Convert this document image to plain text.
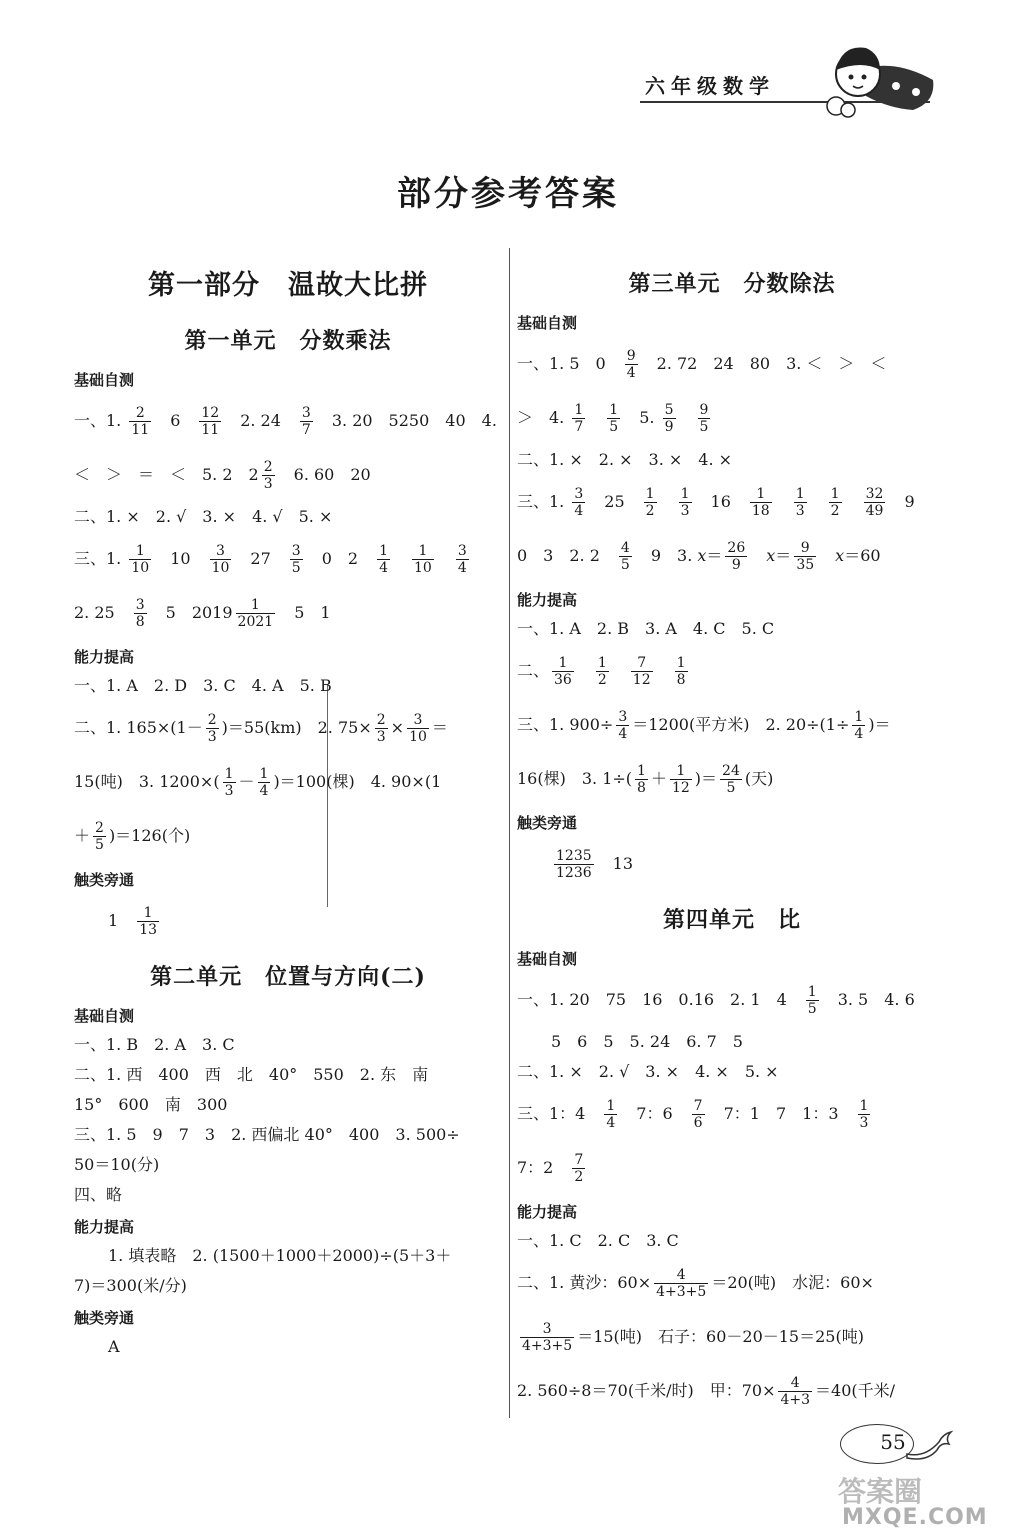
六年级数学
部分参考答案
第一部分　温故大比拼
第一单元　分数乘法
基础自测
一、1. $\frac{2}{11}$ 　6　 $\frac{12}{11}$ 　2. 24　 $\frac{3}{7}$ 　3. 20　5250　40　4.
＜　＞　＝　＜　5. 2　$2 \frac{2}{3}$ 　6. 60　20
二、1. ×　2. √　3. ×　4. √　5. ×
三、1. $\frac{1}{10}$ 　10　 $\frac{3}{10}$ 　27　 $\frac{3}{5}$ 　0　2　 $\frac{1}{4}$
　 $\frac{1}{10}$
　 $\frac{3}{4}$
2. 25　 $\frac{3}{8}$ 　5　$2019 \frac{1}{2021}$ 　5　1
能力提高
一、1. A　2. D　3. C　4. A　5. B
二、1. $165\times(1- \frac{2}{3} )=55(km)$　2. $75\times \frac{2}{3} \times \frac{3}{10}$ ＝
15(吨)　3. $1200\times( \frac{1}{3} - \frac{1}{4} )=100$(棵)　4. 90×(1
＋ $\frac{2}{5} )=126$(个)
触类旁通
1　 $\frac{1}{13}$
第二单元　位置与方向(二)
基础自测
一、1. B　2. A　3. C
二、1. 西　400　西　北　40°　550　2. 东　南
15°　600　南　300
三、1. 5　9　7　3　2. 西偏北 40°　400　3. 500÷
50＝10(分)
四、略
能力提高
1. 填表略　2. (1500＋1000＋2000)÷(5＋3＋
7)＝300(米/分)
触类旁通
A
第三单元　分数除法
基础自测
一、1. 5　0　 $\frac{9}{4}$ 　2. 72　24　80　3. ＜　＞　＜
＞　4. $\frac{1}{7}$
　 $\frac{1}{5}$ 　5. $\frac{5}{9}$
　 $\frac{9}{5}$
二、1. ×　2. ×　3. ×　4. ×
三、1. $\frac{3}{4}$ 　25　 $\frac{1}{2}$
　 $\frac{1}{3}$ 　16　 $\frac{1}{18}$
　 $\frac{1}{3}$
　 $\frac{1}{2}$
　 $\frac{32}{49}$ 　9
0　3　2. 2　 $\frac{4}{5}$ 　9　3. $x= \frac{26}{9}$
　 $x= \frac{9}{35}$
　 x＝60
能力提高
一、1. A　2. B　3. A　4. C　5. C
二、 $\frac{1}{36}$
　 $\frac{1}{2}$
　 $\frac{7}{12}$
　 $\frac{1}{8}$
三、1. $900\div \frac{3}{4} =1200$(平方米)　2. $20\div(1\div \frac{1}{4}$ )＝
16(棵)　3. $1\div( \frac{1}{8} + \frac{1}{12}$ )＝ $\frac{24}{5}$ (天)
触类旁通
$\frac{1235}{1236}$ 　13
第四单元　比
基础自测
一、1. 20　75　16　0.16　2. 1　4　 $\frac{1}{5}$ 　3. 5　4. 6
5　6　5　5. 24　6. 7　5
二、1. ×　2. √　3. ×　4. ×　5. ×
三、1：4　 $\frac{1}{4}$ 　7：6　 $\frac{7}{6}$ 　7：1　7　1：3　 $\frac{1}{3}$
7：2　 $\frac{7}{2}$
能力提高
一、1. C　2. C　3. C
二、1. 黄沙：$60\times \frac{4}{4+3+5} =20$(吨)　水泥：60×
$\frac{3}{4+3+5} =15$(吨)　石子：60－20－15＝25(吨)
2. 560÷8＝70(千米/时)　甲：$70\times \frac{4}{4+3} =40$(千米/
55
答案圈
MXQE.COM
